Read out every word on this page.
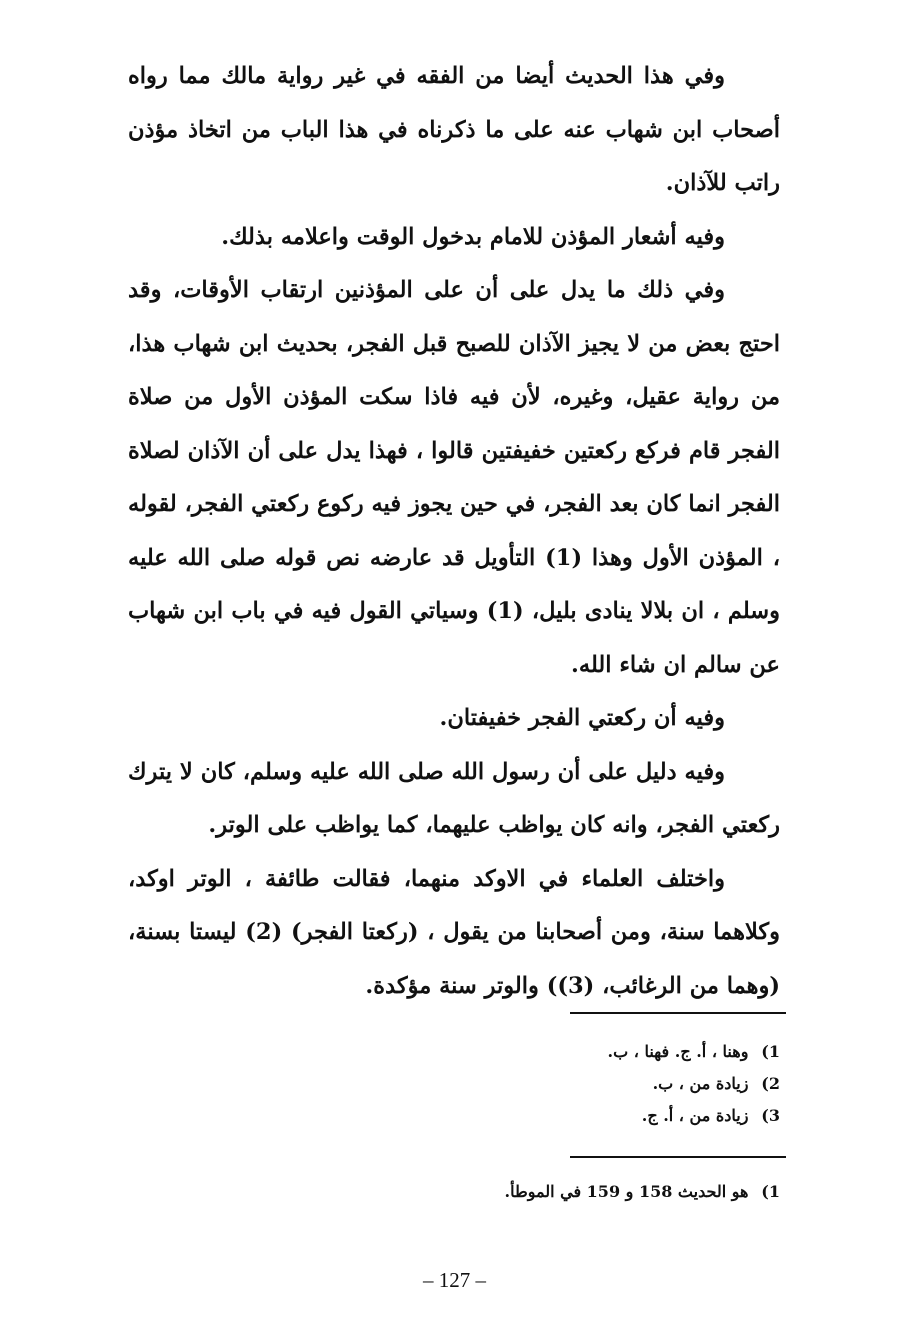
وفي هذا الحديث أيضا من الفقه في غير رواية مالك مما رواه أصحاب ابن شهاب عنه على ما ذكرناه في هذا الباب من اتخاذ مؤذن راتب للآذان.

وفيه أشعار المؤذن للامام بدخول الوقت واعلامه بذلك.

وفي ذلك ما يدل على أن على المؤذنين ارتقاب الأوقات، وقد احتج بعض من لا يجيز الآذان للصبح قبل الفجر، بحديث ابن شهاب هذا، من رواية عقيل، وغيره، لأن فيه فاذا سكت المؤذن الأول من صلاة الفجر قام فركع ركعتين خفيفتين قالوا ، فهذا يدل على أن الآذان لصلاة الفجر انما كان بعد الفجر، في حين يجوز فيه ركوع ركعتي الفجر، لقوله ، المؤذن الأول وهذا (1) التأويل قد عارضه نص قوله صلى الله عليه وسلم ، ان بلالا ينادى بليل، (1) وسياتي القول فيه في باب ابن شهاب عن سالم ان شاء الله.

وفيه أن ركعتي الفجر خفيفتان.

وفيه دليل على أن رسول الله صلى الله عليه وسلم، كان لا يترك ركعتي الفجر، وانه كان يواظب عليهما، كما يواظب على الوتر.

واختلف العلماء في الاوكد منهما، فقالت طائفة ، الوتر اوكد، وكلاهما سنة، ومن أصحابنا من يقول ، (ركعتا الفجر) (2) ليستا بسنة، (وهما من الرغائب، (3)) والوتر سنة مؤكدة.

1) وهنا ، أ. ج. فهنا ، ب.
2) زيادة من ، ب.
3) زيادة من ، أ. ج.
1) هو الحديث 158 و 159 في الموطأ.
– 127 –
